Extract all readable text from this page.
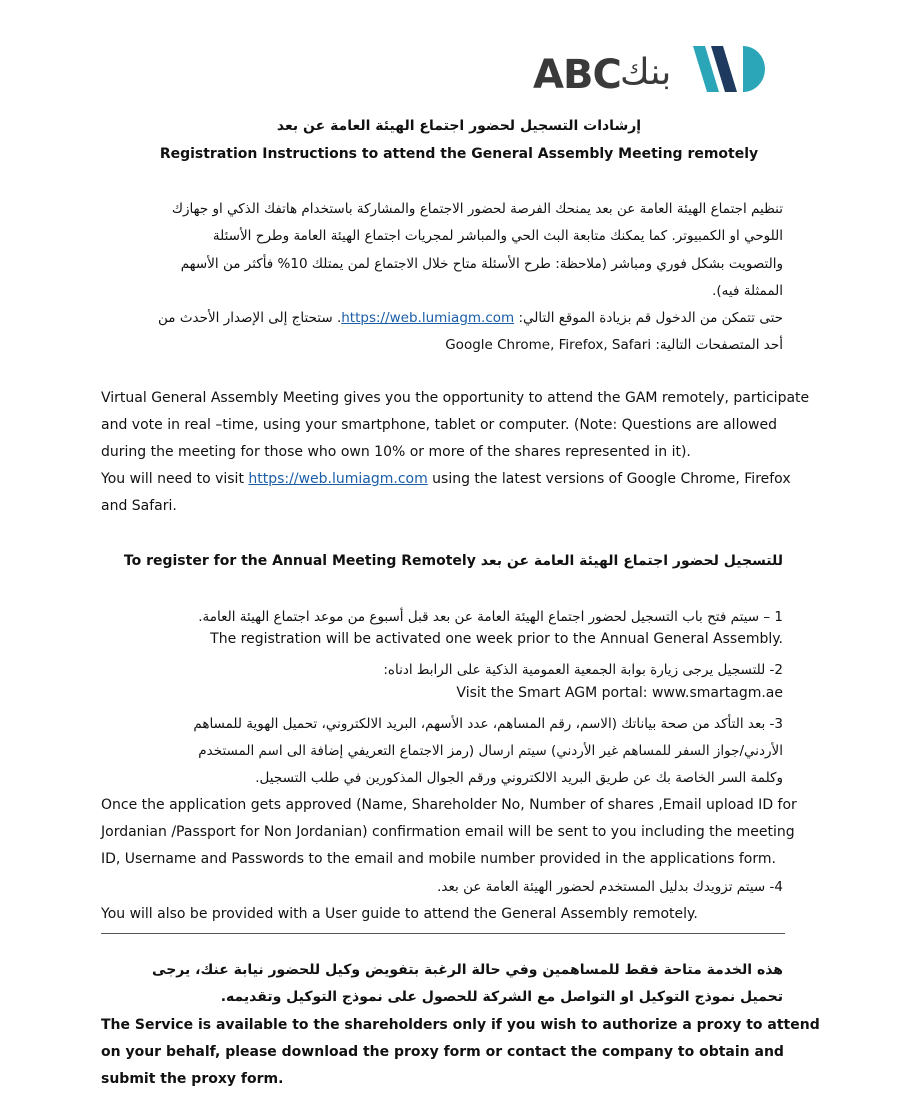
ABC بنك
إرشادات التسجيل لحضور اجتماع الهيئة العامة عن بعد
Registration Instructions to attend the General Assembly Meeting remotely
تنظيم اجتماع الهيئة العامة عن بعد يمنحك الفرصة لحضور الاجتماع والمشاركة باستخدام هاتفك الذكي او جهازك
اللوحي او الكمبيوتر. كما يمكنك متابعة البث الحي والمباشر لمجريات اجتماع الهيئة العامة وطرح الأسئلة
والتصويت بشكل فوري ومباشر (ملاحظة: طرح الأسئلة متاح خلال الاجتماع لمن يمتلك 10% فأكثر من الأسهم
الممثلة فيه).
حتى تتمكن من الدخول قم بزيادة الموقع التالي: https://web.lumiagm.com. ستحتاج إلى الإصدار الأحدث من
أحد المتصفحات التالية: Google Chrome, Firefox, Safari
Virtual General Assembly Meeting gives you the opportunity to attend the GAM remotely, participate
and vote in real –time, using your smartphone, tablet or computer. (Note: Questions are allowed
during the meeting for those who own 10% or more of the shares represented in it).
You will need to visit https://web.lumiagm.com using the latest versions of Google Chrome, Firefox
and Safari.
للتسجيل لحضور اجتماع الهيئة العامة عن بعد To register for the Annual Meeting Remotely
1 – سيتم فتح باب التسجيل لحضور اجتماع الهيئة العامة عن بعد قبل أسبوع من موعد اجتماع الهيئة العامة.
The registration will be activated one week prior to the Annual General Assembly.
2- للتسجيل يرجى زيارة بوابة الجمعية العمومية الذكية على الرابط ادناه:
Visit the Smart AGM portal: www.smartagm.ae
3- بعد التأكد من صحة بياناتك (الاسم، رقم المساهم، عدد الأسهم، البريد الالكتروني، تحميل الهوية للمساهم
الأردني/جواز السفر للمساهم غير الأردني) سيتم ارسال (رمز الاجتماع التعريفي إضافة الى اسم المستخدم
وكلمة السر الخاصة بك عن طريق البريد الالكتروني ورقم الجوال المذكورين في طلب التسجيل.
Once the application gets approved (Name, Shareholder No, Number of shares ,Email upload ID for
Jordanian /Passport for Non Jordanian) confirmation email will be sent to you including the meeting
ID, Username and Passwords to the email and mobile number provided in the applications form.
4- سيتم تزويدك بدليل المستخدم لحضور الهيئة العامة عن بعد.
You will also be provided with a User guide to attend the General Assembly remotely.
هذه الخدمة متاحة فقط للمساهمين وفي حالة الرغبة بتفويض وكيل للحضور نيابة عنك، يرجى
تحميل نموذج التوكيل او التواصل مع الشركة للحصول على نموذج التوكيل وتقديمه.
The Service is available to the shareholders only if you wish to authorize a proxy to attend
on your behalf, please download the proxy form or contact the company to obtain and
submit the proxy form.
